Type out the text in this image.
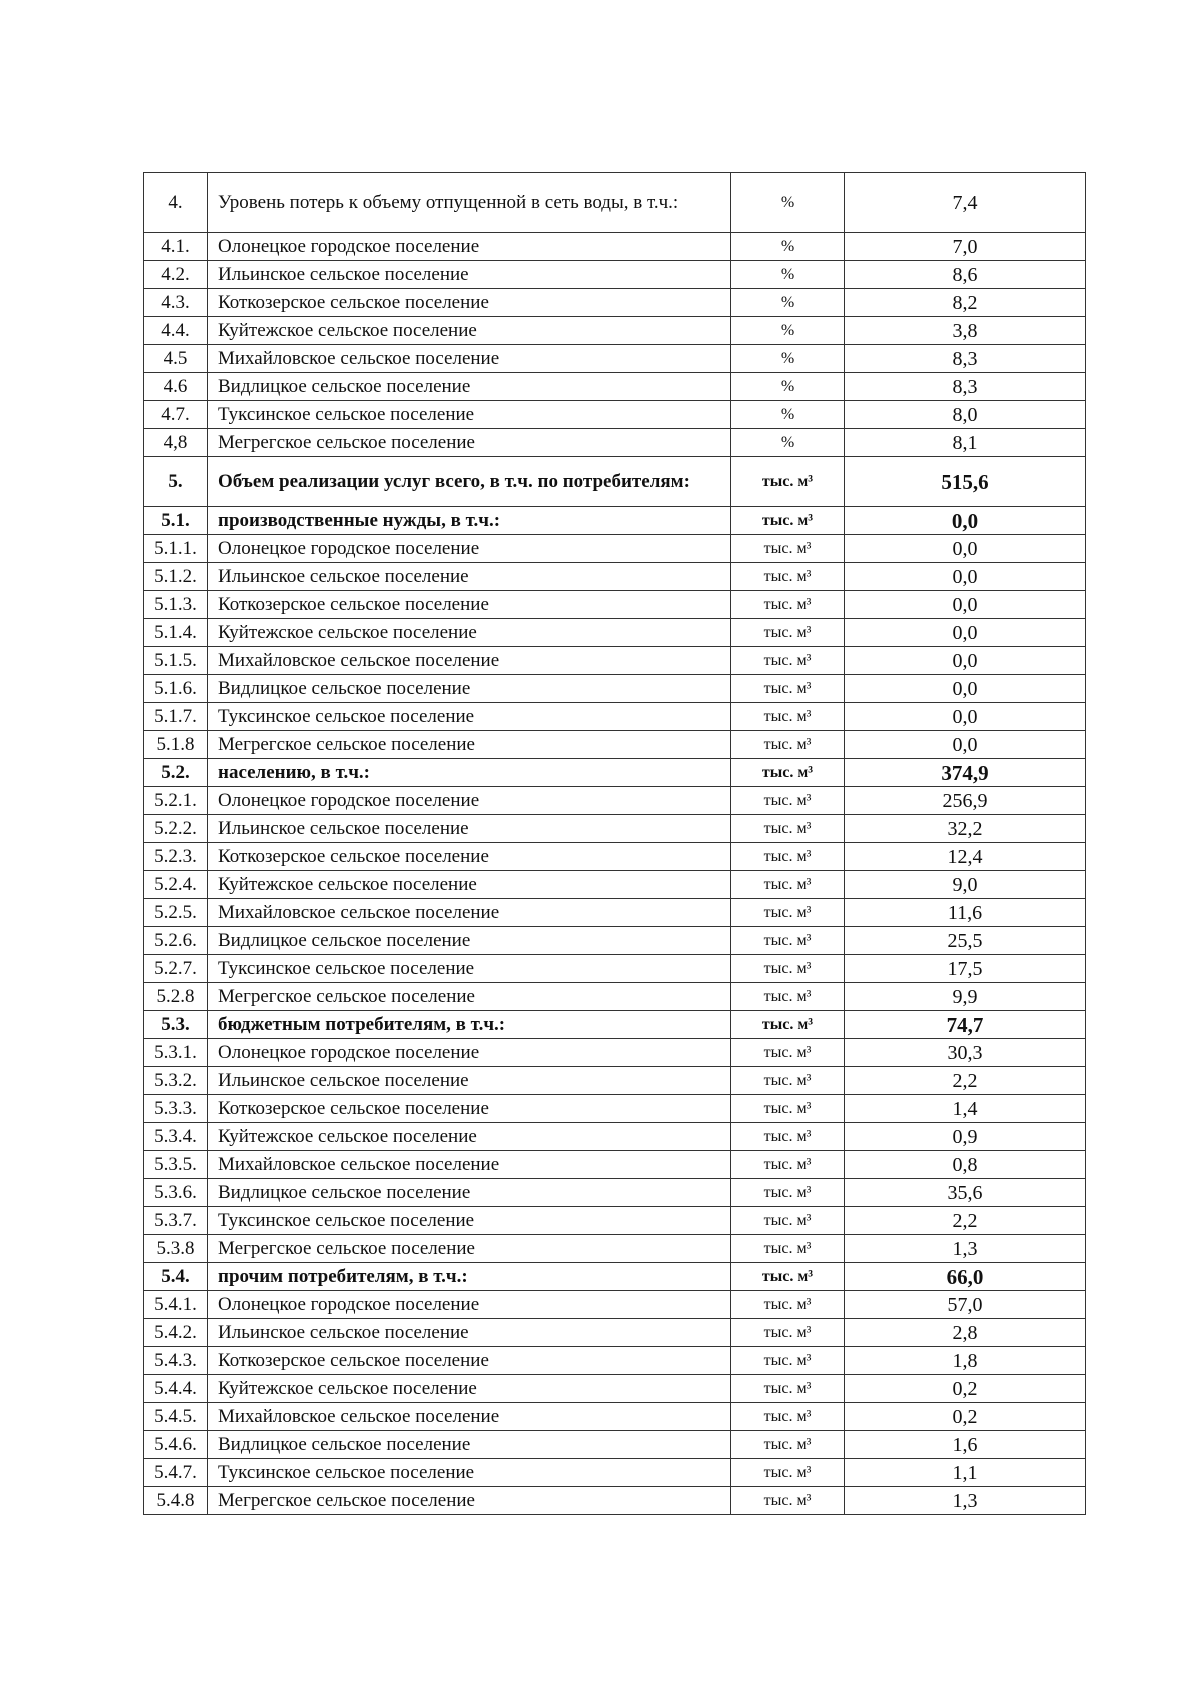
4.	Уровень потерь к объему отпущенной в сеть воды, в т.ч.:	%	7,4
4.1.	Олонецкое городское поселение	%	7,0
4.2.	Ильинское сельское поселение	%	8,6
4.3.	Коткозерское сельское поселение	%	8,2
4.4.	Куйтежское сельское поселение	%	3,8
4.5	Михайловское сельское поселение	%	8,3
4.6	Видлицкое сельское поселение	%	8,3
4.7.	Туксинское сельское поселение	%	8,0
4,8	Мегрегское сельское поселение	%	8,1
5.	Объем реализации услуг всего, в т.ч. по потребителям:	тыс. м³	515,6
5.1.	производственные нужды, в т.ч.:	тыс. м³	0,0
5.1.1.	Олонецкое городское поселение	тыс. м³	0,0
5.1.2.	Ильинское сельское поселение	тыс. м³	0,0
5.1.3.	Коткозерское сельское поселение	тыс. м³	0,0
5.1.4.	Куйтежское сельское поселение	тыс. м³	0,0
5.1.5.	Михайловское сельское поселение	тыс. м³	0,0
5.1.6.	Видлицкое сельское поселение	тыс. м³	0,0
5.1.7.	Туксинское сельское поселение	тыс. м³	0,0
5.1.8	Мегрегское сельское поселение	тыс. м³	0,0
5.2.	населению, в т.ч.:	тыс. м³	374,9
5.2.1.	Олонецкое городское поселение	тыс. м³	256,9
5.2.2.	Ильинское сельское поселение	тыс. м³	32,2
5.2.3.	Коткозерское сельское поселение	тыс. м³	12,4
5.2.4.	Куйтежское сельское поселение	тыс. м³	9,0
5.2.5.	Михайловское сельское поселение	тыс. м³	11,6
5.2.6.	Видлицкое сельское поселение	тыс. м³	25,5
5.2.7.	Туксинское сельское поселение	тыс. м³	17,5
5.2.8	Мегрегское сельское поселение	тыс. м³	9,9
5.3.	бюджетным потребителям, в т.ч.:	тыс. м³	74,7
5.3.1.	Олонецкое городское поселение	тыс. м³	30,3
5.3.2.	Ильинское сельское поселение	тыс. м³	2,2
5.3.3.	Коткозерское сельское поселение	тыс. м³	1,4
5.3.4.	Куйтежское сельское поселение	тыс. м³	0,9
5.3.5.	Михайловское сельское поселение	тыс. м³	0,8
5.3.6.	Видлицкое сельское поселение	тыс. м³	35,6
5.3.7.	Туксинское сельское поселение	тыс. м³	2,2
5.3.8	Мегрегское сельское поселение	тыс. м³	1,3
5.4.	прочим потребителям, в т.ч.:	тыс. м³	66,0
5.4.1.	Олонецкое городское поселение	тыс. м³	57,0
5.4.2.	Ильинское сельское поселение	тыс. м³	2,8
5.4.3.	Коткозерское сельское поселение	тыс. м³	1,8
5.4.4.	Куйтежское сельское поселение	тыс. м³	0,2
5.4.5.	Михайловское сельское поселение	тыс. м³	0,2
5.4.6.	Видлицкое сельское поселение	тыс. м³	1,6
5.4.7.	Туксинское сельское поселение	тыс. м³	1,1
5.4.8	Мегрегское сельское поселение	тыс. м³	1,3
